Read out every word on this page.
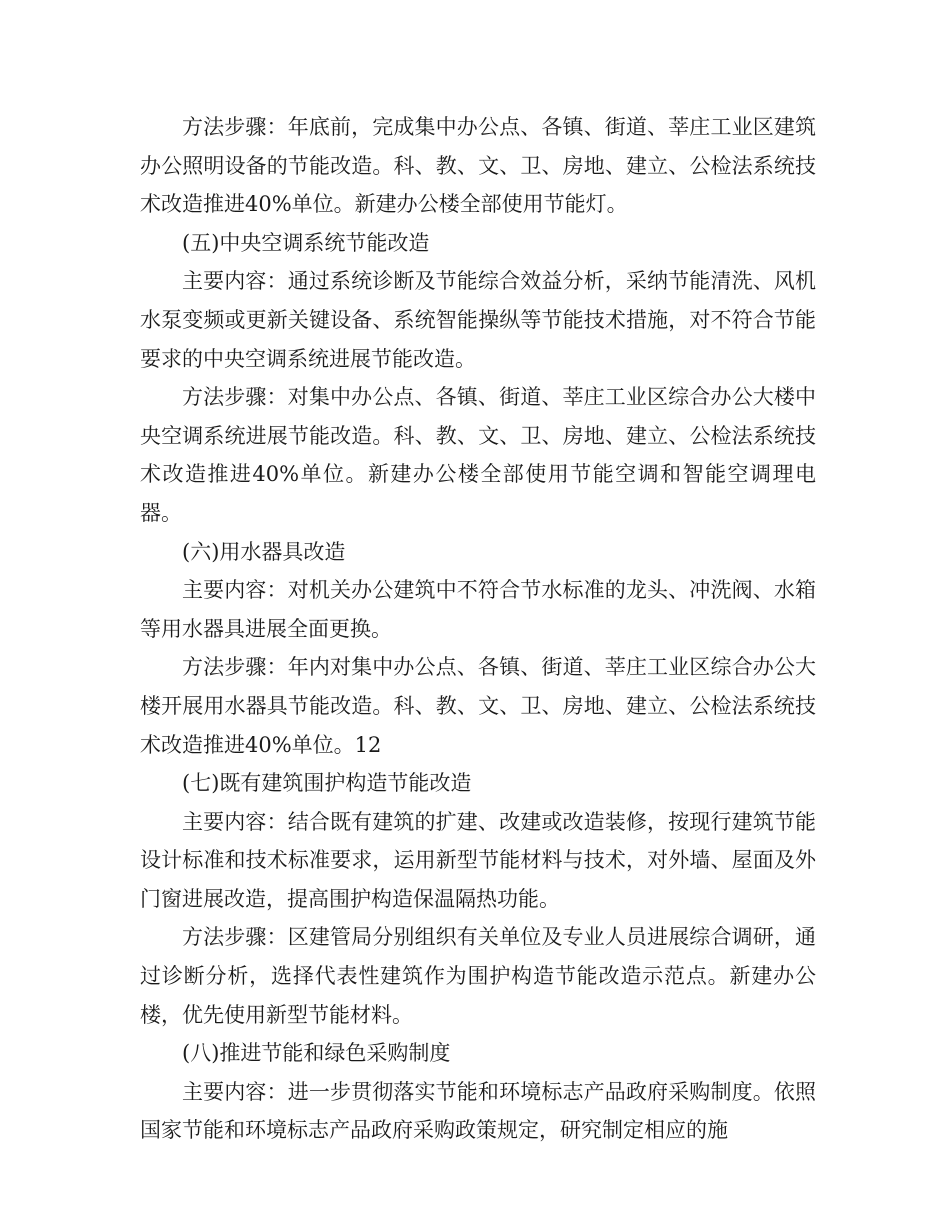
方法步骤：年底前，完成集中办公点、各镇、街道、莘庄工业区建筑办公照明设备的节能改造。科、教、文、卫、房地、建立、公检法系统技术改造推进40%单位。新建办公楼全部使用节能灯。

(五)中央空调系统节能改造

主要内容：通过系统诊断及节能综合效益分析，采纳节能清洗、风机水泵变频或更新关键设备、系统智能操纵等节能技术措施，对不符合节能要求的中央空调系统进展节能改造。

方法步骤：对集中办公点、各镇、街道、莘庄工业区综合办公大楼中央空调系统进展节能改造。科、教、文、卫、房地、建立、公检法系统技术改造推进40%单位。新建办公楼全部使用节能空调和智能空调理电器。

(六)用水器具改造

主要内容：对机关办公建筑中不符合节水标准的龙头、冲洗阀、水箱等用水器具进展全面更换。

方法步骤：年内对集中办公点、各镇、街道、莘庄工业区综合办公大楼开展用水器具节能改造。科、教、文、卫、房地、建立、公检法系统技术改造推进40%单位。12

(七)既有建筑围护构造节能改造

主要内容：结合既有建筑的扩建、改建或改造装修，按现行建筑节能设计标准和技术标准要求，运用新型节能材料与技术，对外墙、屋面及外门窗进展改造，提高围护构造保温隔热功能。

方法步骤：区建管局分别组织有关单位及专业人员进展综合调研，通过诊断分析，选择代表性建筑作为围护构造节能改造示范点。新建办公楼，优先使用新型节能材料。

(八)推进节能和绿色采购制度

主要内容：进一步贯彻落实节能和环境标志产品政府采购制度。依照国家节能和环境标志产品政府采购政策规定，研究制定相应的施
